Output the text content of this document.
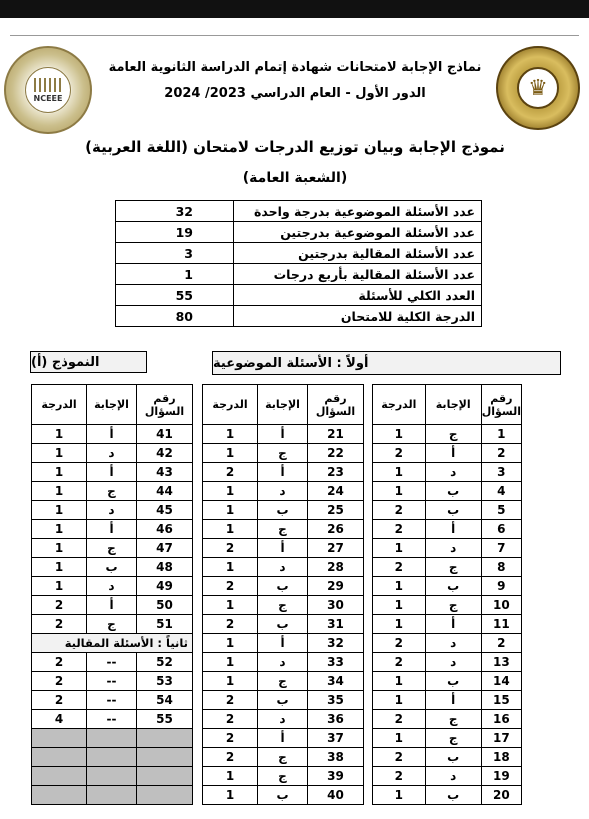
NCEEE	♛
نماذج الإجابة لامتحانات شهادة إتمام الدراسة الثانوية العامة
الدور الأول - العام الدراسي 2023/ 2024
نموذج الإجابة وبيان توزيع الدرجات لامتحان (اللغة العربية)
(الشعبة العامة)
عدد الأسئلة الموضوعية بدرجة واحدة	32
عدد الأسئلة الموضوعية بدرجتين	19
عدد الأسئلة المقالية بدرجتين	3
عدد الأسئلة المقالية بأربع درجات	1
العدد الكلي للأسئلة	55
الدرجة الكلية للامتحان	80
النموذج (أ)	أولاً : الأسئلة الموضوعية
رقم السؤال	الإجابة	الدرجة
1	ج	1
2	أ	2
3	د	1
4	ب	1
5	ب	2
6	أ	2
7	د	1
8	ج	2
9	ب	1
10	ج	1
11	أ	1
2	د	2
13	د	2
14	ب	1
15	أ	1
16	ج	2
17	ج	1
18	ب	2
19	د	2
20	ب	1
رقم السؤال	الإجابة	الدرجة
21	أ	1
22	ج	1
23	أ	2
24	د	1
25	ب	1
26	ج	1
27	أ	2
28	د	1
29	ب	2
30	ج	1
31	ب	2
32	أ	1
33	د	1
34	ج	1
35	ب	2
36	د	2
37	أ	2
38	ج	2
39	ج	1
40	ب	1
رقم السؤال	الإجابة	الدرجة
41	أ	1
42	د	1
43	أ	1
44	ج	1
45	د	1
46	أ	1
47	ج	1
48	ب	1
49	د	1
50	أ	2
51	ج	2
ثانياً : الأسئلة المقالية		
52	--	2
53	--	2
54	--	2
55	--	4
